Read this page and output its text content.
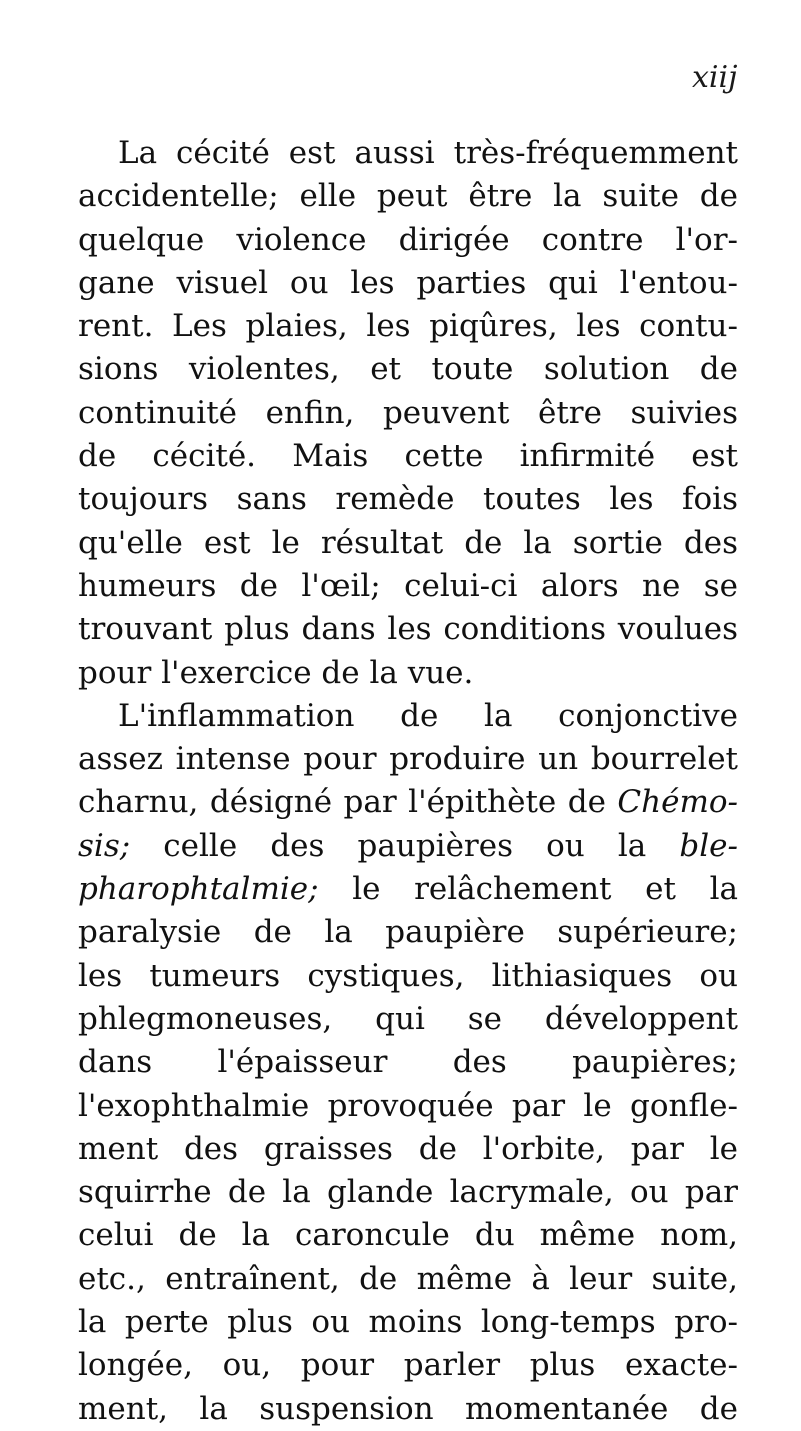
xiij
La cécité est aussi très-fréquemment
accidentelle; elle peut être la suite de
quelque violence dirigée contre l'or-
gane visuel ou les parties qui l'entou-
rent. Les plaies, les piqûres, les contu-
sions violentes, et toute solution de
continuité enfin, peuvent être suivies
de cécité. Mais cette infirmité est
toujours sans remède toutes les fois
qu'elle est le résultat de la sortie des
humeurs de l'œil; celui-ci alors ne se
trouvant plus dans les conditions voulues
pour l'exercice de la vue.
L'inflammation de la conjonctive
assez intense pour produire un bourrelet
charnu, désigné par l'épithète de Chémo-
sis; celle des paupières ou la ble-
pharophtalmie; le relâchement et la
paralysie de la paupière supérieure;
les tumeurs cystiques, lithiasiques ou
phlegmoneuses, qui se développent
dans l'épaisseur des paupières;
l'exophthalmie provoquée par le gonfle-
ment des graisses de l'orbite, par le
squirrhe de la glande lacrymale, ou par
celui de la caroncule du même nom,
etc., entraînent, de même à leur suite,
la perte plus ou moins long-temps pro-
longée, ou, pour parler plus exacte-
ment, la suspension momentanée de
